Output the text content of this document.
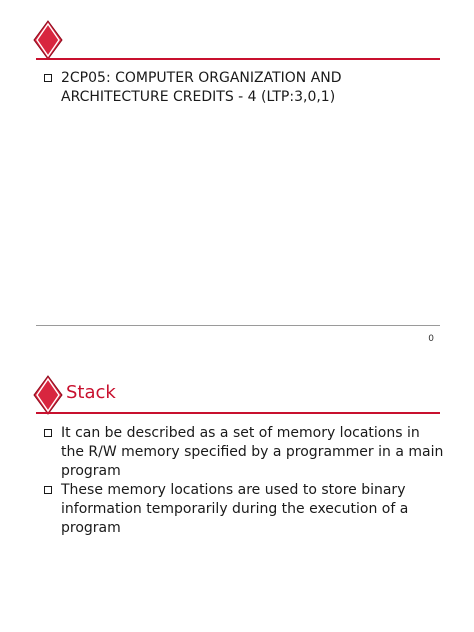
2CP05: COMPUTER ORGANIZATION AND ARCHITECTURE CREDITS - 4 (LTP:3,0,1)
0
Stack
It can be described as a set of memory locations in the R/W memory specified by a programmer in a main program
These memory locations are used to store binary information temporarily during the execution of a program
